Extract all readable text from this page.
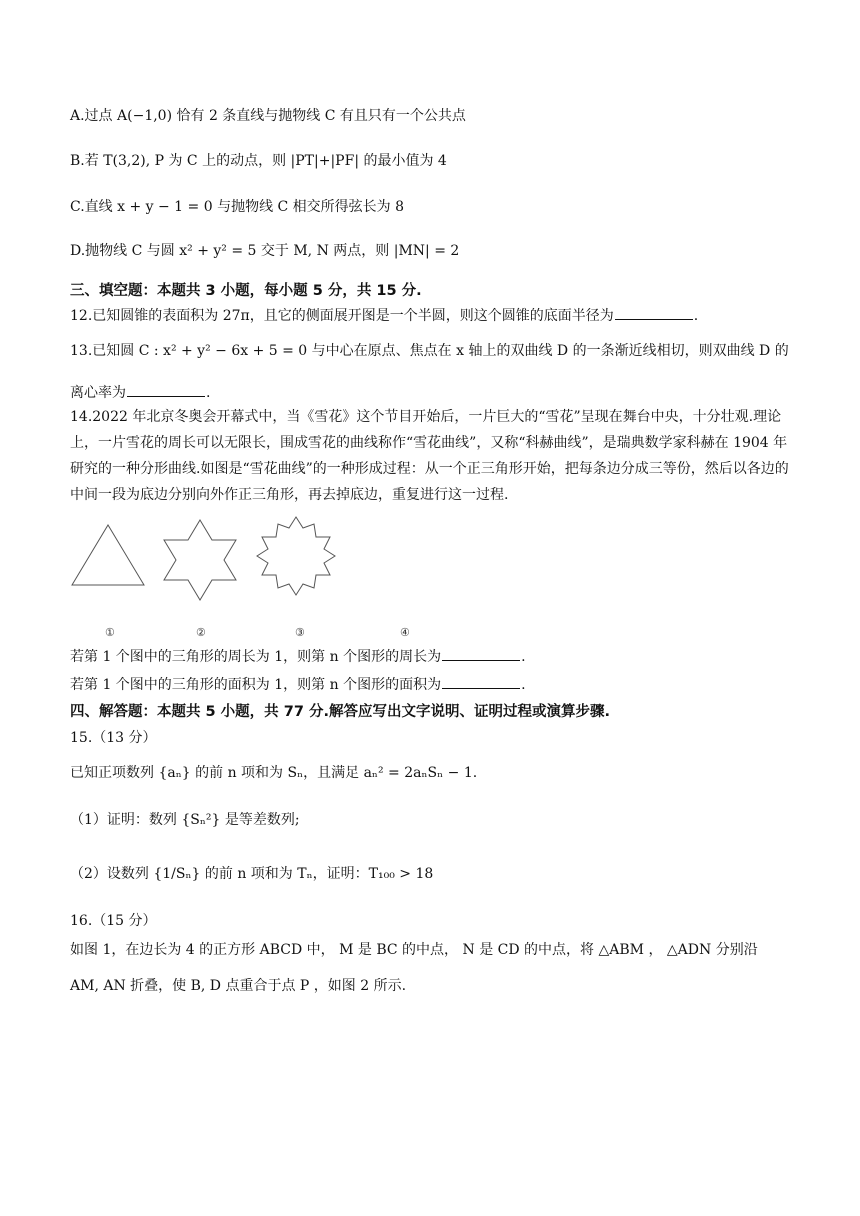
A.过点 A(−1,0) 恰有 2 条直线与抛物线 C 有且只有一个公共点
B.若 T(3,2), P 为 C 上的动点，则 |PT|+|PF| 的最小值为 4
C.直线 x + y − 1 = 0 与抛物线 C 相交所得弦长为 8
D.抛物线 C 与圆 x² + y² = 5 交于 M, N 两点，则 |MN| = 2
三、填空题：本题共 3 小题，每小题 5 分，共 15 分.
12.已知圆锥的表面积为 27π，且它的侧面展开图是一个半圆，则这个圆锥的底面半径为	.
13.已知圆 C : x² + y² − 6x + 5 = 0 与中心在原点、焦点在 x 轴上的双曲线 D 的一条渐近线相切，则双曲线 D 的
离心率为	.
14.2022 年北京冬奥会开幕式中，当《雪花》这个节目开始后，一片巨大的“雪花”呈现在舞台中央，十分壮观.理论上，一片雪花的周长可以无限长，围成雪花的曲线称作“雪花曲线”，又称“科赫曲线”，是瑞典数学家科赫在 1904 年研究的一种分形曲线.如图是“雪花曲线”的一种形成过程：从一个正三角形开始，把每条边分成三等份，然后以各边的中间一段为底边分别向外作正三角形，再去掉底边，重复进行这一过程.
①	②	③	④
若第 1 个图中的三角形的周长为 1，则第 n 个图形的周长为	.
若第 1 个图中的三角形的面积为 1，则第 n 个图形的面积为	.
四、解答题：本题共 5 小题，共 77 分.解答应写出文字说明、证明过程或演算步骤.
15.（13 分）
已知正项数列 {aₙ} 的前 n 项和为 Sₙ，且满足 aₙ² = 2aₙSₙ − 1.
（1）证明：数列 {Sₙ²} 是等差数列;
（2）设数列 {1/Sₙ} 的前 n 项和为 Tₙ，证明：T₁₀₀ > 18
16.（15 分）
如图 1，在边长为 4 的正方形 ABCD 中， M 是 BC 的中点， N 是 CD 的中点，将 △ABM ， △ADN 分别沿
AM, AN 折叠，使 B, D 点重合于点 P ，如图 2 所示.
